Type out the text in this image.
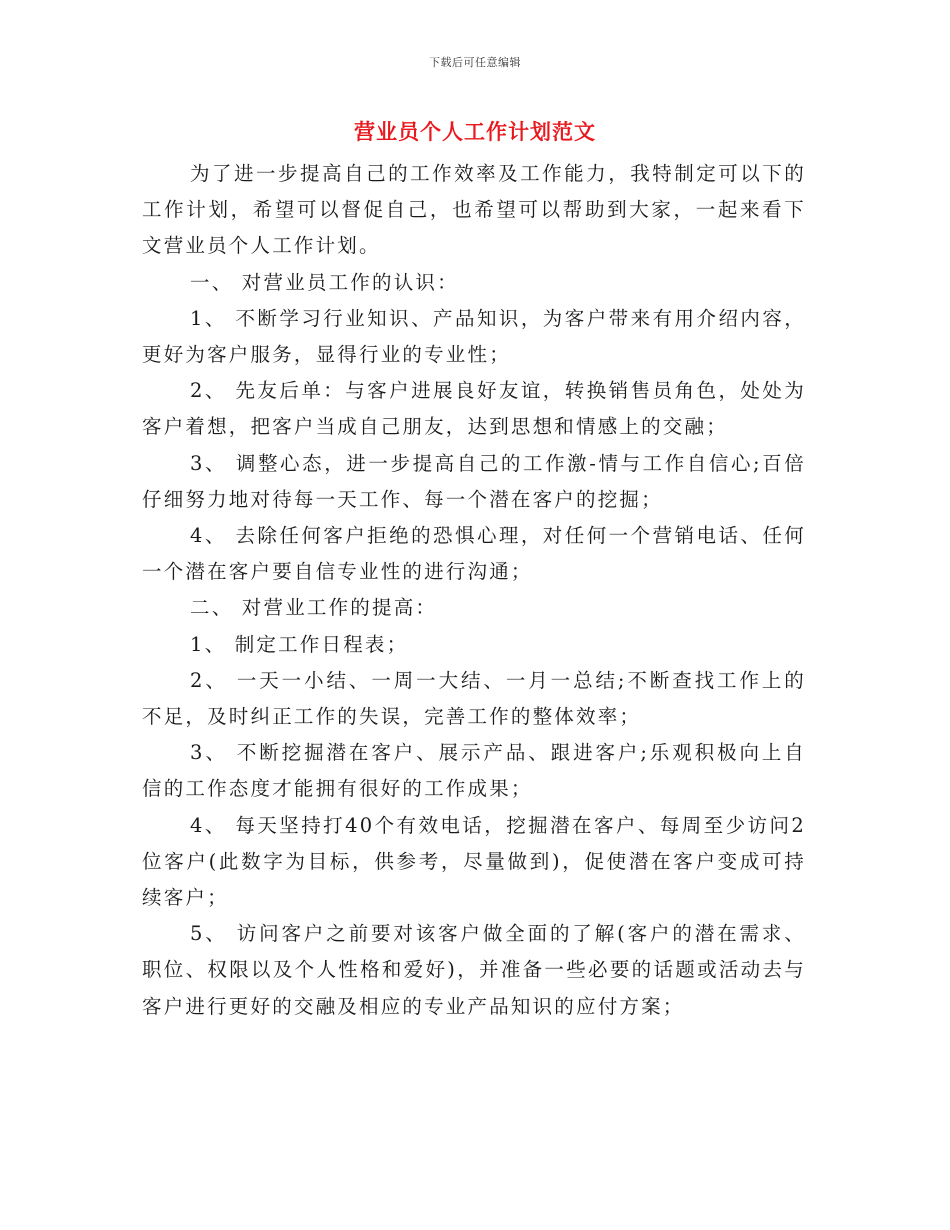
下载后可任意编辑
营业员个人工作计划范文

为了进一步提高自己的工作效率及工作能力，我特制定可以下的工作计划，希望可以督促自己，也希望可以帮助到大家，一起来看下文营业员个人工作计划。

一、 对营业员工作的认识：

1、 不断学习行业知识、产品知识，为客户带来有用介绍内容，更好为客户服务，显得行业的专业性；

2、 先友后单：与客户进展良好友谊，转换销售员角色，处处为客户着想，把客户当成自己朋友，达到思想和情感上的交融；

3、 调整心态，进一步提高自己的工作激-情与工作自信心;百倍仔细努力地对待每一天工作、每一个潜在客户的挖掘；

4、 去除任何客户拒绝的恐惧心理，对任何一个营销电话、任何一个潜在客户要自信专业性的进行沟通；

二、 对营业工作的提高：

1、 制定工作日程表；

2、 一天一小结、一周一大结、一月一总结;不断查找工作上的不足，及时纠正工作的失误，完善工作的整体效率；

3、 不断挖掘潜在客户、展示产品、跟进客户;乐观积极向上自信的工作态度才能拥有很好的工作成果；

4、 每天坚持打40个有效电话，挖掘潜在客户、每周至少访问2位客户(此数字为目标，供参考，尽量做到)，促使潜在客户变成可持续客户；

5、 访问客户之前要对该客户做全面的了解(客户的潜在需求、职位、权限以及个人性格和爱好)，并准备一些必要的话题或活动去与客户进行更好的交融及相应的专业产品知识的应付方案；
